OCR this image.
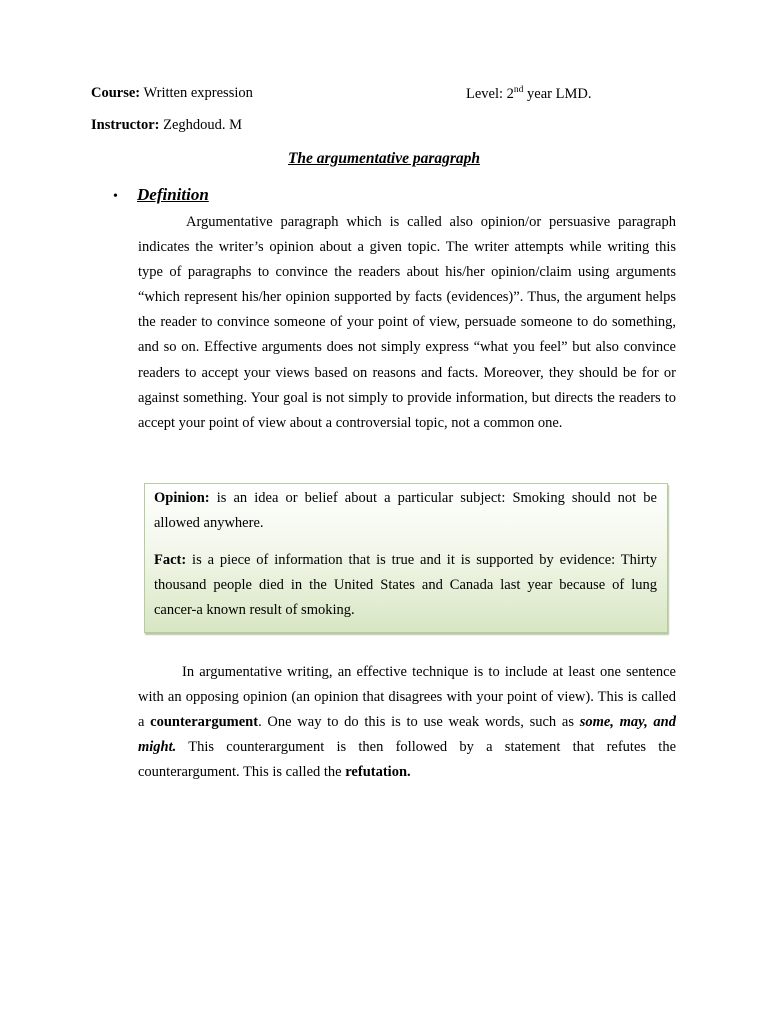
Course: Written expression	Level: 2nd year LMD.
Instructor: Zeghdoud. M
The argumentative paragraph
• Definition

Argumentative paragraph which is called also opinion/or persuasive paragraph indicates the writer’s opinion about a given topic. The writer attempts while writing this type of paragraphs to convince the readers about his/her opinion/claim using arguments “which represent his/her opinion supported by facts (evidences)”. Thus, the argument helps the reader to convince someone of your point of view, persuade someone to do something, and so on. Effective arguments does not simply express “what you feel” but also convince readers to accept your views based on reasons and facts. Moreover, they should be for or against something. Your goal is not simply to provide information, but directs the readers to accept your point of view about a controversial topic, not a common one.

Opinion: is an idea or belief about a particular subject: Smoking should not be allowed anywhere.

Fact: is a piece of information that is true and it is supported by evidence: Thirty thousand people died in the United States and Canada last year because of lung cancer-a known result of smoking.

In argumentative writing, an effective technique is to include at least one sentence with an opposing opinion (an opinion that disagrees with your point of view). This is called a counterargument. One way to do this is to use weak words, such as some, may, and might. This counterargument is then followed by a statement that refutes the counterargument. This is called the refutation.
